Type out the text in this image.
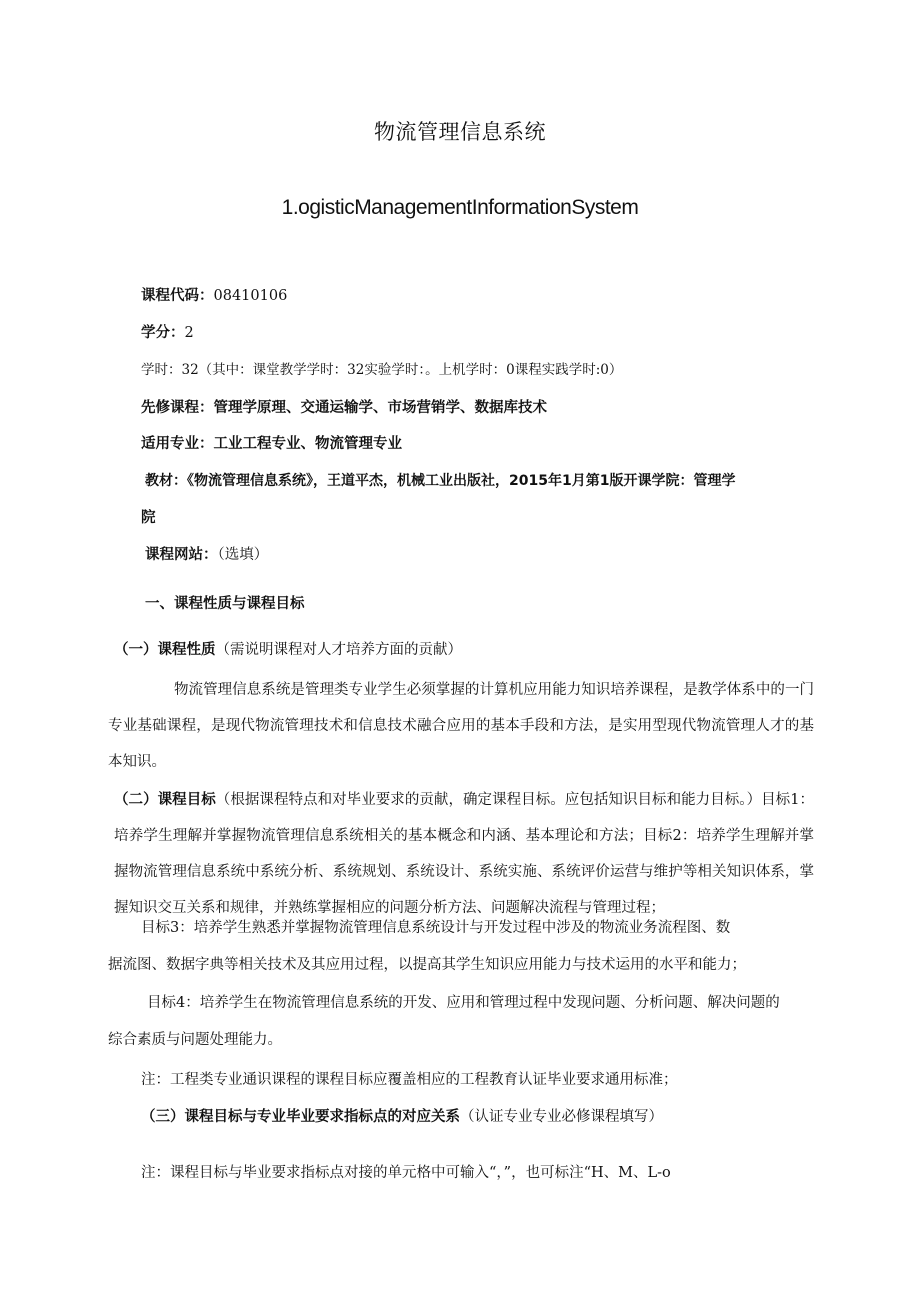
物流管理信息系统
1.ogisticManagementInformationSystem
课程代码：08410106
学分：2
学时：32（其中：课堂教学学时：32实验学时：。上机学时：0课程实践学时:0）
先修课程：管理学原理、交通运输学、市场营销学、数据库技术
适用专业：工业工程专业、物流管理专业
教材：《物流管理信息系统》，王道平杰，机械工业出版社，2015年1月第1版开课学院：管理学
院
课程网站：（选填）
一、课程性质与课程目标
（一）课程性质（需说明课程对人才培养方面的贡献）
物流管理信息系统是管理类专业学生必须掌握的计算机应用能力知识培养课程，是教学体系中的一门专业基础课程，是现代物流管理技术和信息技术融合应用的基本手段和方法，是实用型现代物流管理人才的基本知识。
（二）课程目标（根据课程特点和对毕业要求的贡献，确定课程目标。应包括知识目标和能力目标。）目标1：培养学生理解并掌握物流管理信息系统相关的基本概念和内涵、基本理论和方法；目标2：培养学生理解并掌握物流管理信息系统中系统分析、系统规划、系统设计、系统实施、系统评价运营与维护等相关知识体系，掌握知识交互关系和规律，并熟练掌握相应的问题分析方法、问题解决流程与管理过程；
目标3：培养学生熟悉并掌握物流管理信息系统设计与开发过程中涉及的物流业务流程图、数
据流图、数据字典等相关技术及其应用过程，以提高其学生知识应用能力与技术运用的水平和能力；
目标4：培养学生在物流管理信息系统的开发、应用和管理过程中发现问题、分析问题、解决问题的
综合素质与问题处理能力。
注：工程类专业通识课程的课程目标应覆盖相应的工程教育认证毕业要求通用标准；
（三）课程目标与专业毕业要求指标点的对应关系（认证专业专业必修课程填写）
注：课程目标与毕业要求指标点对接的单元格中可输入“，”，也可标注“H、M、L-o
